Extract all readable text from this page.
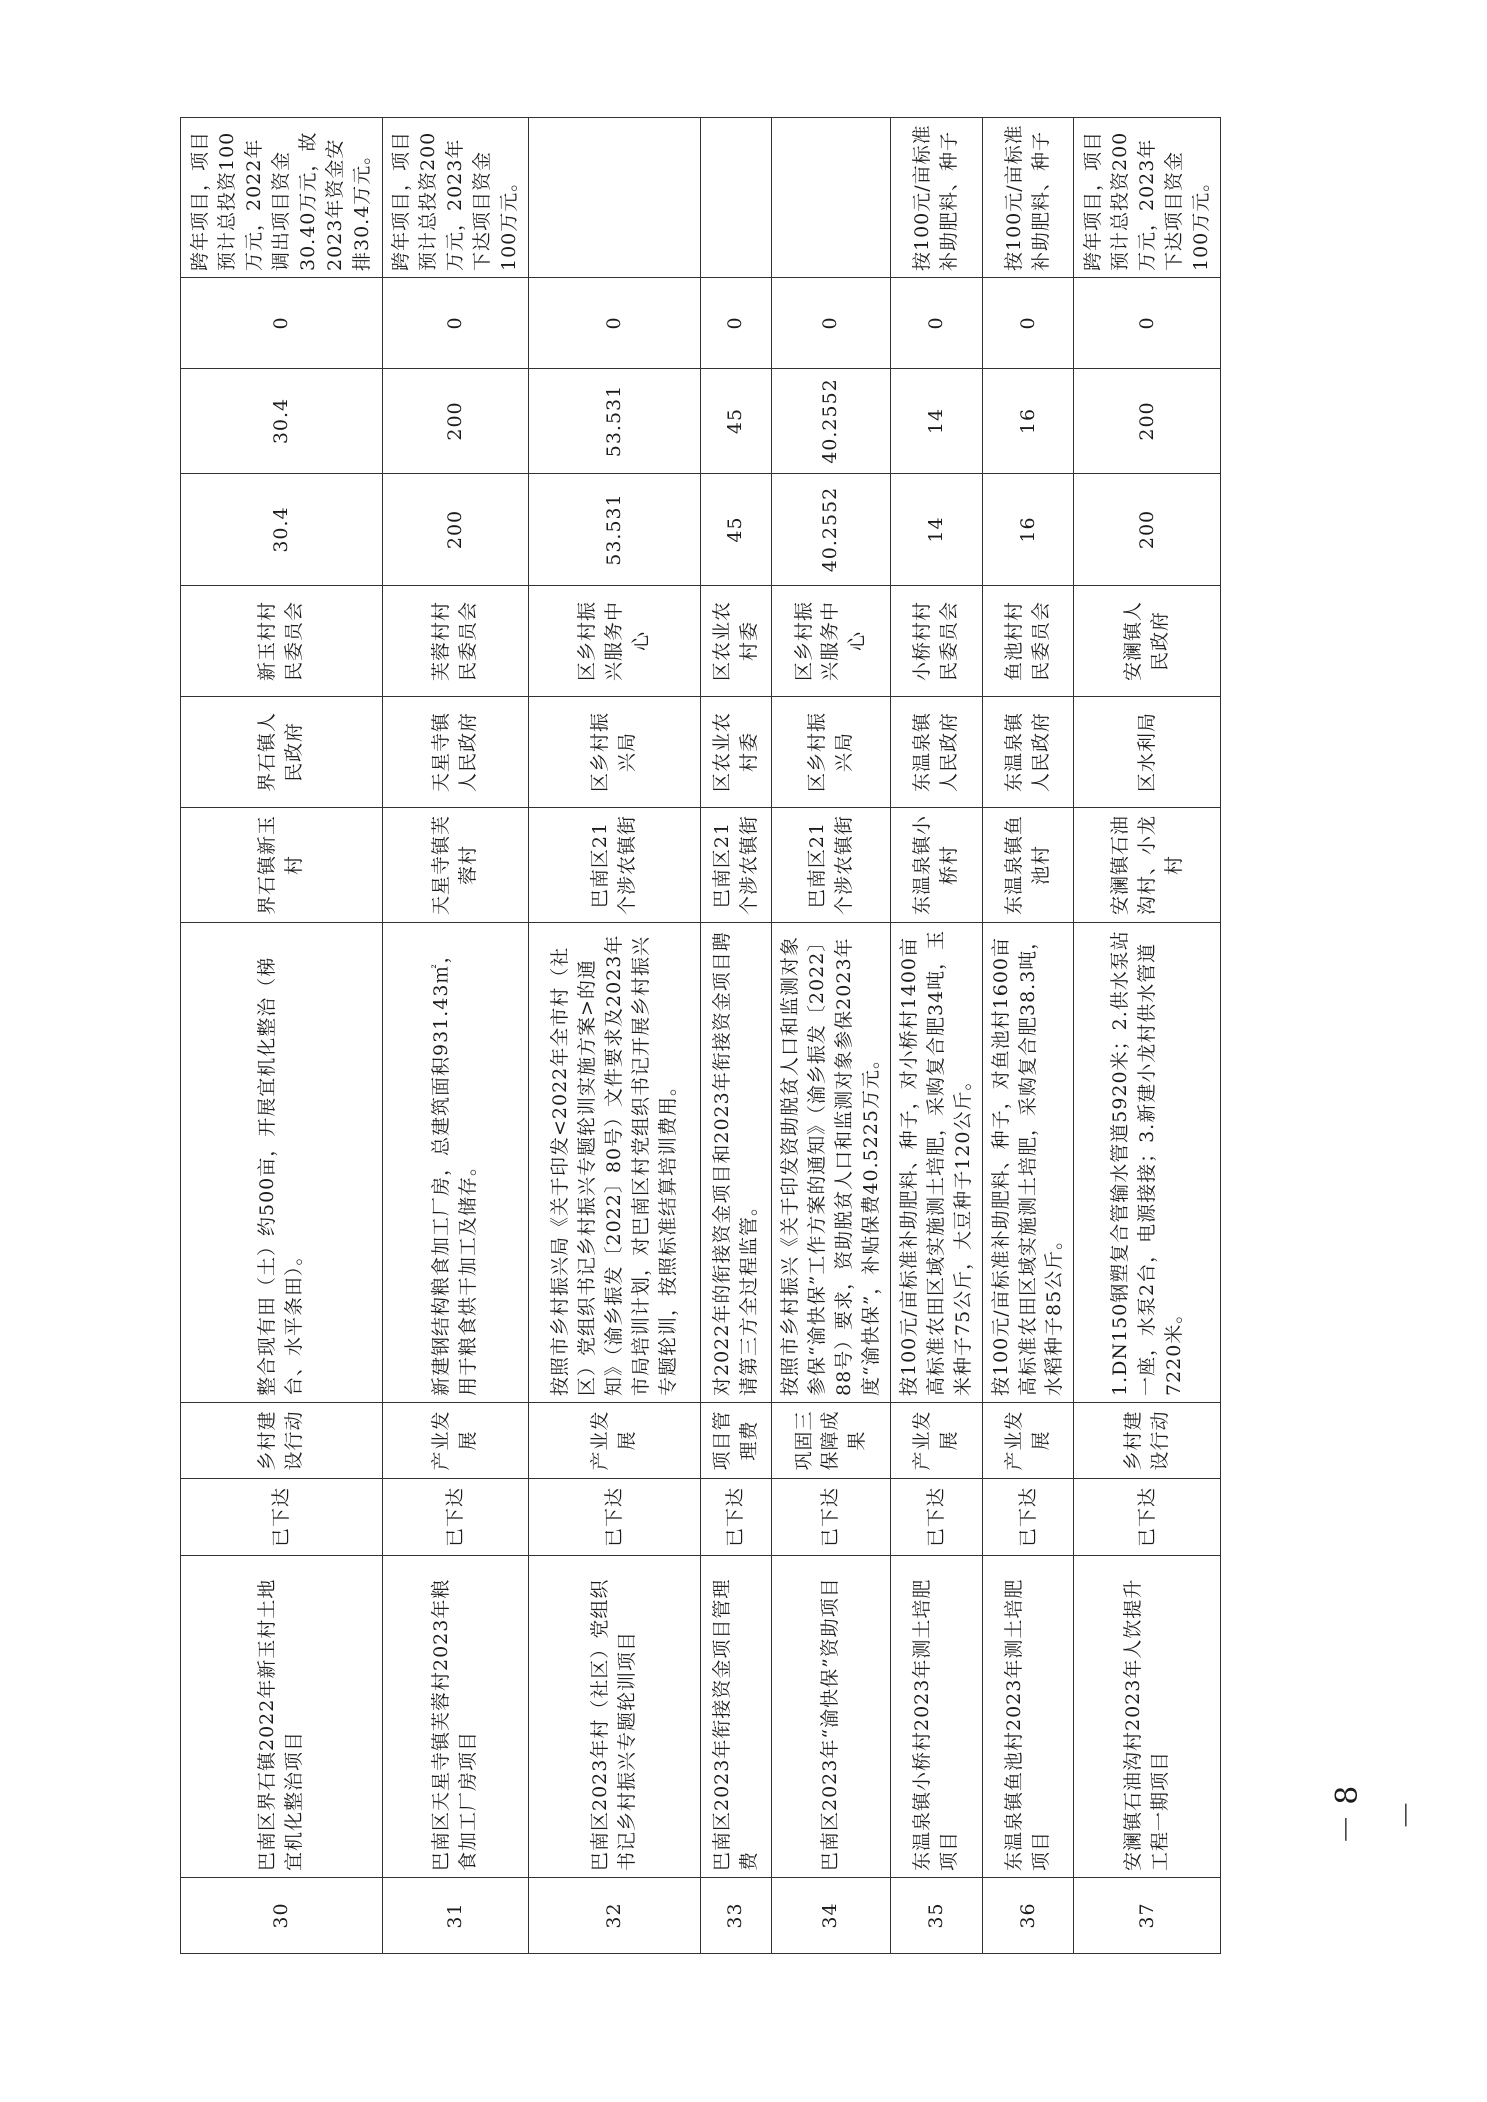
30	巴南区界石镇2022年新玉村土地宜机化整治项目	已下达	乡村建设行动	整合现有田（土）约500亩，开展宜机化整治（梯台、水平条田）。	界石镇新玉村	界石镇人民政府	新玉村村民委员会	30.4	30.4	0	跨年项目，项目预计总投资100万元，2022年调出项目资金30.40万元，故2023年资金安排30.4万元。
31	巴南区天星寺镇芙蓉村2023年粮食加工厂房项目	已下达	产业发展	新建钢结构粮食加工厂房，总建筑面积931.43㎡，用于粮食烘干加工及储存。	天星寺镇芙蓉村	天星寺镇人民政府	芙蓉村村民委员会	200	200	0	跨年项目，项目预计总投资200万元，2023年下达项目资金100万元。
32	巴南区2023年村（社区）党组织书记乡村振兴专题轮训项目	已下达	产业发展	按照市乡村振兴局《关于印发<2022年全市村（社区）党组织书记乡村振兴专题轮训实施方案>的通知》（渝乡振发〔2022〕80号）文件要求及2023年市局培训计划，对巴南区村党组织书记开展乡村振兴专题轮训，按照标准结算培训费用。	巴南区21个涉农镇街	区乡村振兴局	区乡村振兴服务中心	53.531	53.531	0	
33	巴南区2023年衔接资金项目管理费	已下达	项目管理费	对2022年的衔接资金项目和2023年衔接资金项目聘请第三方全过程监管。	巴南区21个涉农镇街	区农业农村委	区农业农村委	45	45	0	
34	巴南区2023年“渝快保”资助项目	已下达	巩固三保障成果	按照市乡村振兴《关于印发资助脱贫人口和监测对象参保“渝快保”工作方案的通知》（渝乡振发〔2022〕88号）要求，资助脱贫人口和监测对象参保2023年度“渝快保”，补贴保费40.5225万元。	巴南区21个涉农镇街	区乡村振兴局	区乡村振兴服务中心	40.2552	40.2552	0	
35	东温泉镇小桥村2023年测土培肥项目	已下达	产业发展	按100元/亩标准补助肥料、种子，对小桥村1400亩高标准农田区域实施测土培肥，采购复合肥34吨，玉米种子75公斤，大豆种子120公斤。	东温泉镇小桥村	东温泉镇人民政府	小桥村村民委员会	14	14	0	按100元/亩标准补助肥料、种子
36	东温泉镇鱼池村2023年测土培肥项目	已下达	产业发展	按100元/亩标准补助肥料、种子，对鱼池村1600亩高标准农田区域实施测土培肥，采购复合肥38.3吨，水稻种子85公斤。	东温泉镇鱼池村	东温泉镇人民政府	鱼池村村民委员会	16	16	0	按100元/亩标准补助肥料、种子
37	安澜镇石油沟村2023年人饮提升工程一期项目	已下达	乡村建设行动	1.DN150钢塑复合管输水管道5920米；2.供水泵站一座，水泵2台，电源接接；3.新建小龙村供水管道7220米。	安澜镇石油沟村、小龙村	区水利局	安澜镇人民政府	200	200	0	跨年项目，项目预计总投资200万元，2023年下达项目资金100万元。
－ 8 －
